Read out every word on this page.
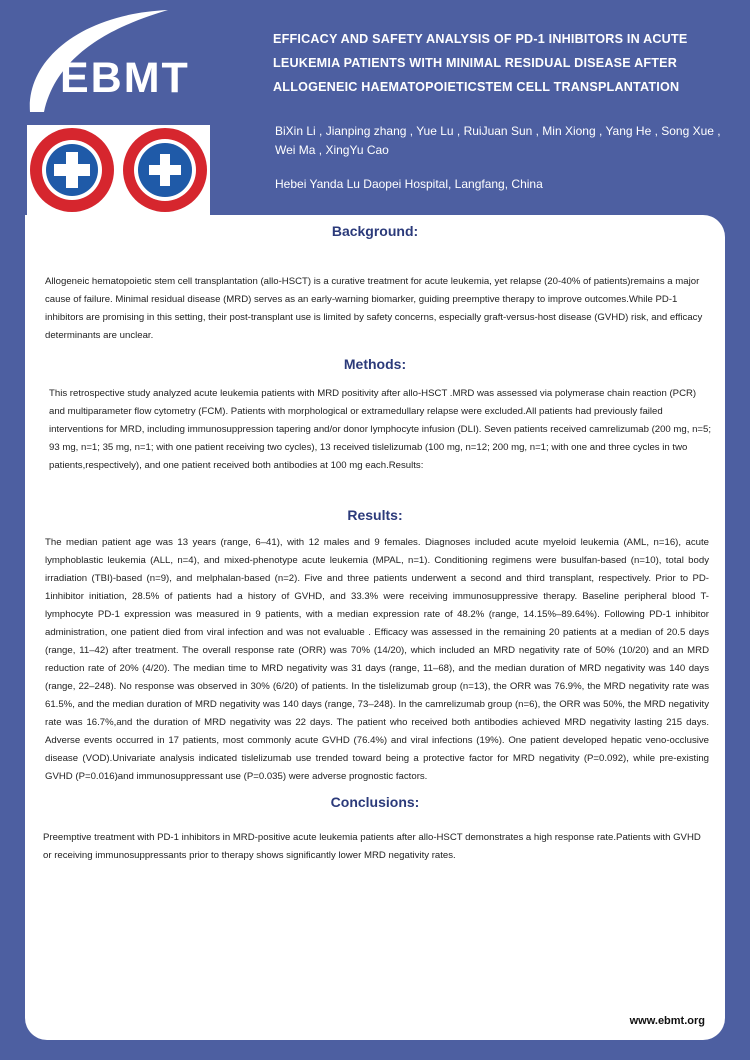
EBMT
EFFICACY AND SAFETY ANALYSIS OF PD-1 INHIBITORS IN ACUTE LEUKEMIA PATIENTS WITH MINIMAL RESIDUAL DISEASE AFTER ALLOGENEIC HAEMATOPOIETICSTEM CELL TRANSPLANTATION
BiXin Li , Jianping zhang , Yue Lu , RuiJuan Sun , Min Xiong , Yang He , Song Xue , Wei Ma , XingYu Cao
Hebei Yanda Lu Daopei Hospital, Langfang, China
Background:

Allogeneic hematopoietic stem cell transplantation (allo-HSCT) is a curative treatment for acute leukemia, yet relapse (20-40% of patients)remains a major cause of failure. Minimal residual disease (MRD) serves as an early-warning biomarker, guiding preemptive therapy to improve outcomes.While PD-1 inhibitors are promising in this setting, their post-transplant use is limited by safety concerns, especially graft-versus-host disease (GVHD) risk, and efficacy determinants are unclear.

Methods:

This retrospective study analyzed acute leukemia patients with MRD positivity after allo-HSCT .MRD was assessed via polymerase chain reaction (PCR) and multiparameter flow cytometry (FCM). Patients with morphological or extramedullary relapse were excluded.All patients had previously failed interventions for MRD, including immunosuppression tapering and/or donor lymphocyte infusion (DLI). Seven patients received camrelizumab (200 mg, n=5; 93 mg, n=1; 35 mg, n=1; with one patient receiving two cycles), 13 received tislelizumab (100 mg, n=12; 200 mg, n=1; with one and three cycles in two patients,respectively), and one patient received both antibodies at 100 mg each.Results:

Results:

The median patient age was 13 years (range, 6–41), with 12 males and 9 females. Diagnoses included acute myeloid leukemia (AML, n=16), acute lymphoblastic leukemia (ALL, n=4), and mixed-phenotype acute leukemia (MPAL, n=1). Conditioning regimens were busulfan-based (n=10), total body irradiation (TBI)-based (n=9), and melphalan-based (n=2). Five and three patients underwent a second and third transplant, respectively. Prior to PD-1inhibitor initiation, 28.5% of patients had a history of GVHD, and 33.3% were receiving immunosuppressive therapy. Baseline peripheral blood T-lymphocyte PD-1 expression was measured in 9 patients, with a median expression rate of 48.2% (range, 14.15%–89.64%). Following PD-1 inhibitor administration, one patient died from viral infection and was not evaluable . Efficacy was assessed in the remaining 20 patients at a median of 20.5 days (range, 11–42) after treatment. The overall response rate (ORR) was 70% (14/20), which included an MRD negativity rate of 50% (10/20) and an MRD reduction rate of 20% (4/20). The median time to MRD negativity was 31 days (range, 11–68), and the median duration of MRD negativity was 140 days (range, 22–248). No response was observed in 30% (6/20) of patients. In the tislelizumab group (n=13), the ORR was 76.9%, the MRD negativity rate was 61.5%, and the median duration of MRD negativity was 140 days (range, 73–248). In the camrelizumab group (n=6), the ORR was 50%, the MRD negativity rate was 16.7%,and the duration of MRD negativity was 22 days. The patient who received both antibodies achieved MRD negativity lasting 215 days. Adverse events occurred in 17 patients, most commonly acute GVHD (76.4%) and viral infections (19%). One patient developed hepatic veno-occlusive disease (VOD).Univariate analysis indicated tislelizumab use trended toward being a protective factor for MRD negativity (P=0.092), while pre-existing GVHD (P=0.016)and immunosuppressant use (P=0.035) were adverse prognostic factors.

Conclusions:

Preemptive treatment with PD-1 inhibitors in MRD-positive acute leukemia patients after allo-HSCT demonstrates a high response rate.Patients with GVHD or receiving immunosuppressants prior to therapy shows significantly lower MRD negativity rates.

www.ebmt.org
